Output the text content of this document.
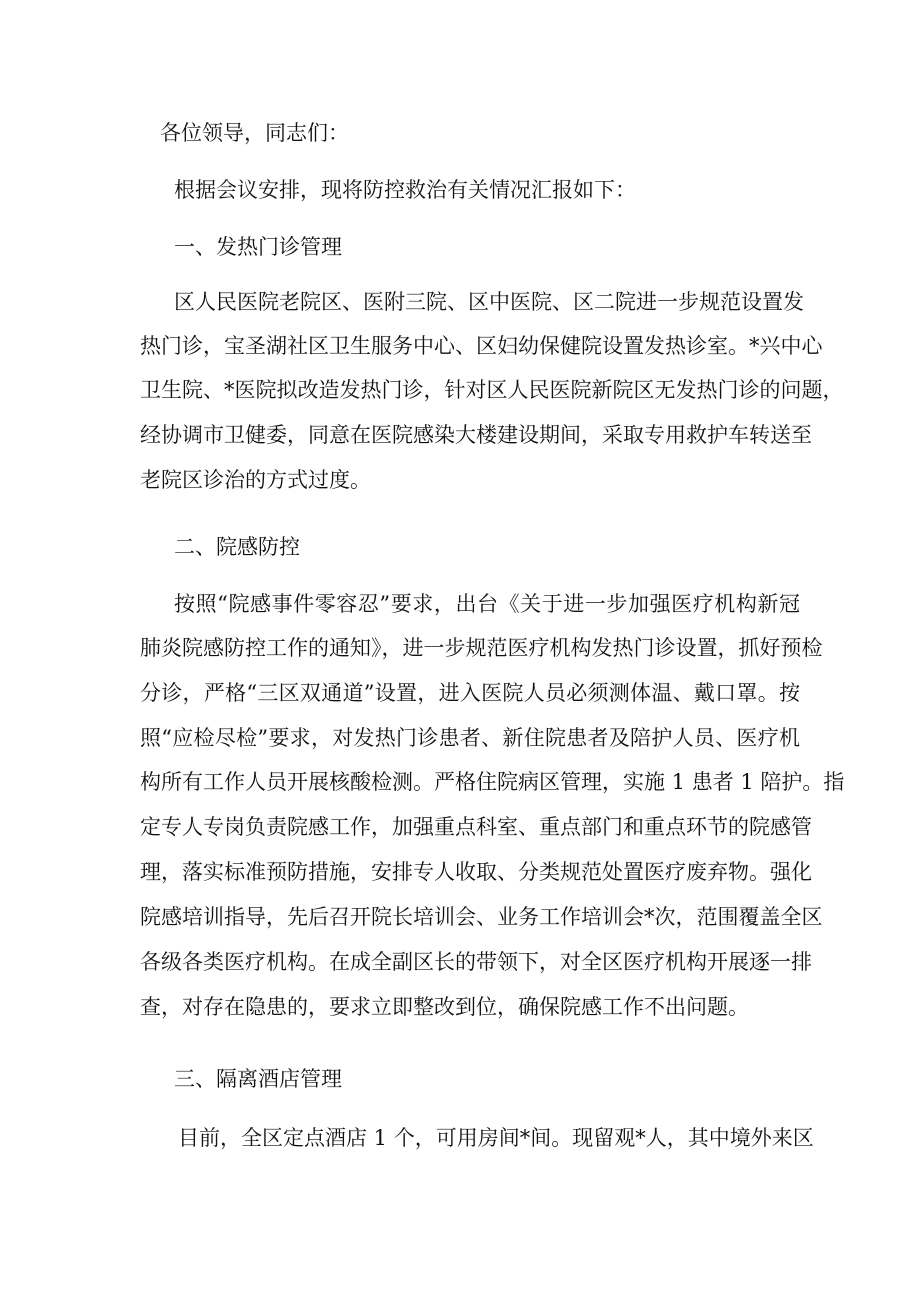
各位领导，同志们：

根据会议安排，现将防控救治有关情况汇报如下：

一、发热门诊管理

区人民医院老院区、医附三院、区中医院、区二院进一步规范设置发

热门诊，宝圣湖社区卫生服务中心、区妇幼保健院设置发热诊室。*兴中心

卫生院、*医院拟改造发热门诊，针对区人民医院新院区无发热门诊的问题，

经协调市卫健委，同意在医院感染大楼建设期间，采取专用救护车转送至

老院区诊治的方式过度。

二、院感防控

按照“院感事件零容忍”要求，出台《关于进一步加强医疗机构新冠

肺炎院感防控工作的通知》，进一步规范医疗机构发热门诊设置，抓好预检

分诊，严格“三区双通道”设置，进入医院人员必须测体温、戴口罩。按

照“应检尽检”要求，对发热门诊患者、新住院患者及陪护人员、医疗机

构所有工作人员开展核酸检测。严格住院病区管理，实施 1 患者 1 陪护。指

定专人专岗负责院感工作，加强重点科室、重点部门和重点环节的院感管

理，落实标准预防措施，安排专人收取、分类规范处置医疗废弃物。强化

院感培训指导，先后召开院长培训会、业务工作培训会*次，范围覆盖全区

各级各类医疗机构。在成全副区长的带领下，对全区医疗机构开展逐一排

查，对存在隐患的，要求立即整改到位，确保院感工作不出问题。

三、隔离酒店管理

目前，全区定点酒店 1 个，可用房间*间。现留观*人，其中境外来区
